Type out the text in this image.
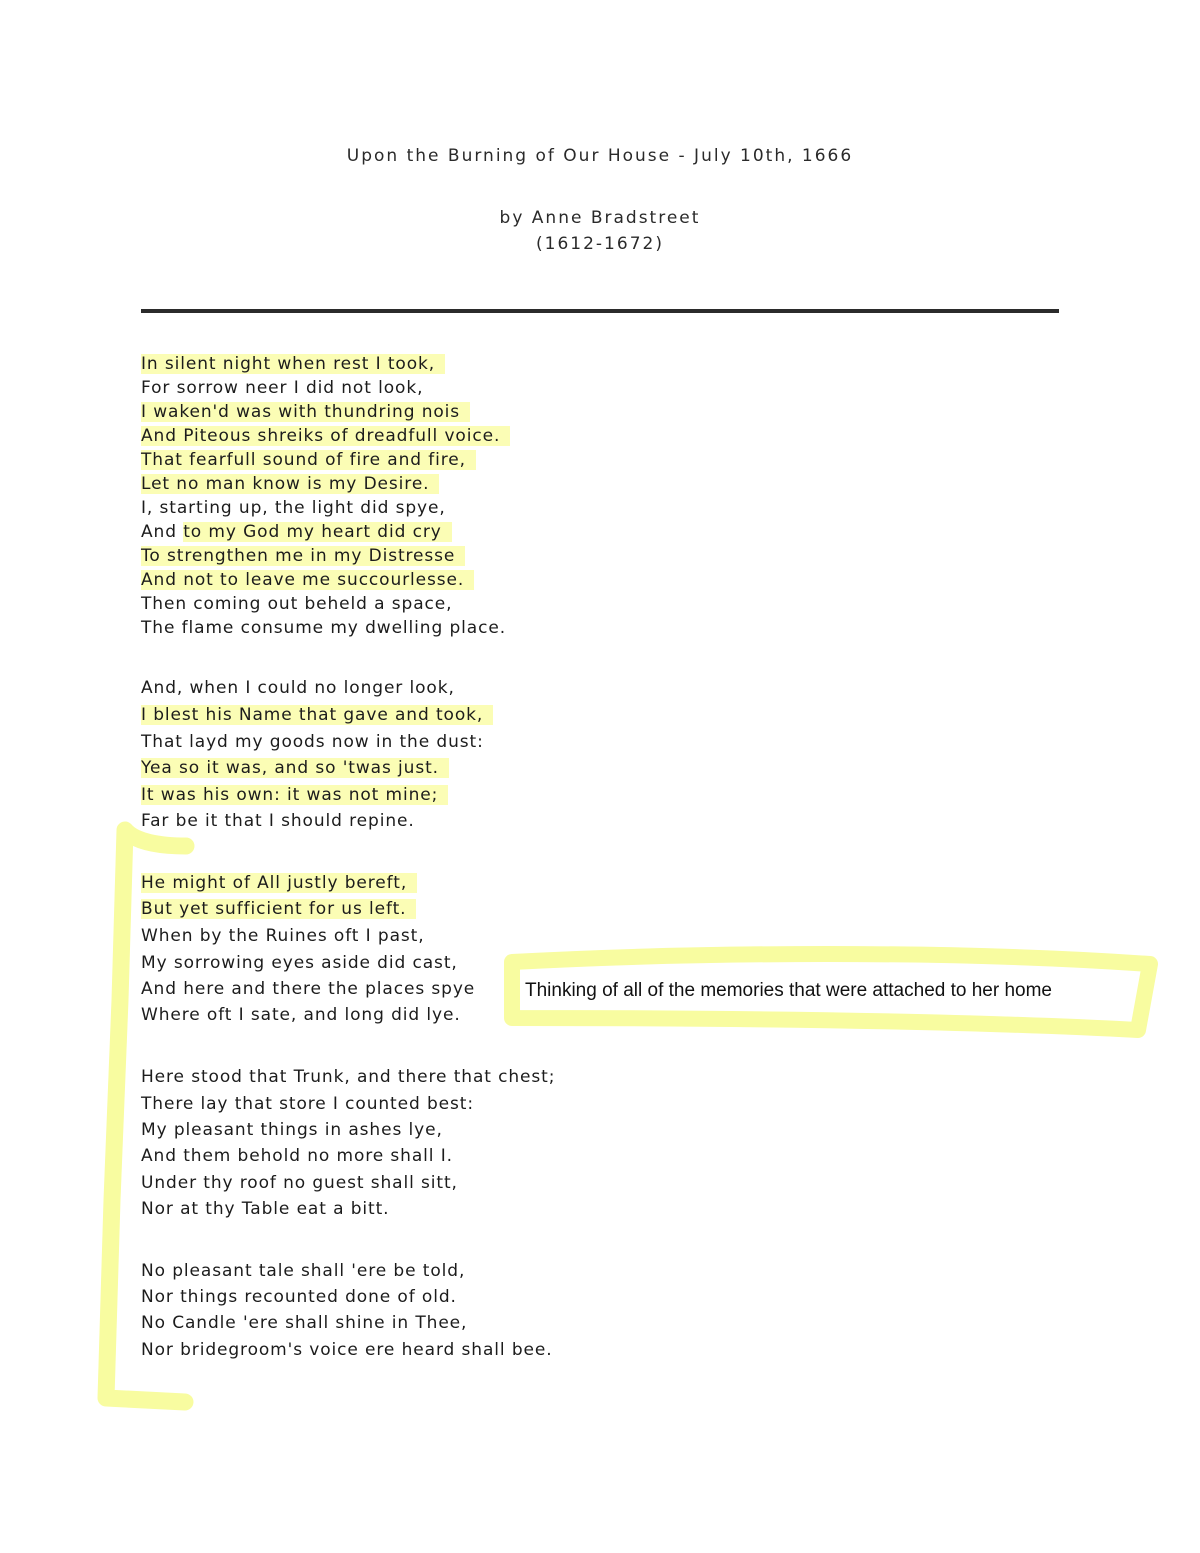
Upon the Burning of Our House - July 10th, 1666
by Anne Bradstreet
(1612-1672)
In silent night when rest I took,
For sorrow neer I did not look,
I waken'd was with thundring nois
And Piteous shreiks of dreadfull voice.
That fearfull sound of fire and fire,
Let no man know is my Desire.
I, starting up, the light did spye,
And to my God my heart did cry
To strengthen me in my Distresse
And not to leave me succourlesse.
Then coming out beheld a space,
The flame consume my dwelling place.
And, when I could no longer look,
I blest his Name that gave and took,
That layd my goods now in the dust:
Yea so it was, and so 'twas just.
It was his own: it was not mine;
Far be it that I should repine.
He might of All justly bereft,
But yet sufficient for us left.
When by the Ruines oft I past,
My sorrowing eyes aside did cast,
And here and there the places spye
Where oft I sate, and long did lye.
Here stood that Trunk, and there that chest;
There lay that store I counted best:
My pleasant things in ashes lye,
And them behold no more shall I.
Under thy roof no guest shall sitt,
Nor at thy Table eat a bitt.
No pleasant tale shall 'ere be told,
Nor things recounted done of old.
No Candle 'ere shall shine in Thee,
Nor bridegroom's voice ere heard shall bee.
Thinking of all of the memories that were attached to her home
